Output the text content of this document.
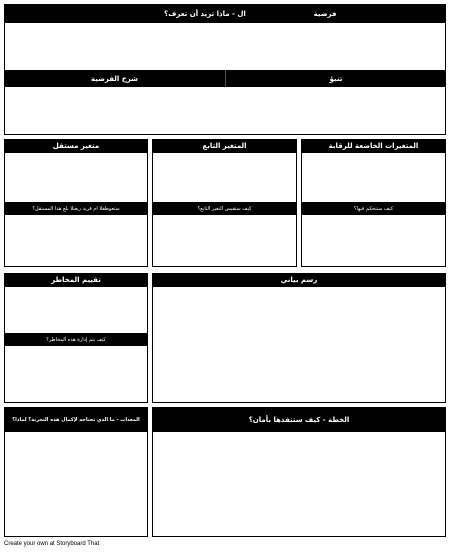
فرضية
ال - ماذا تريد أن تعرف؟
تنبؤ
شرح الفرضية
متغير مستقل
ستعوطقلا ام قريد ريغتلا ىلع هذا المستقل؟
المتغير التابع
كيف ستقيس التغير التابع؟
المتغيرات الخاضعة للرقابة
كيف ستتحكم فيها؟
تقييم المخاطر
كيف يتم إدارة هذه المخاطر؟
رسم بياني
المعدات - ما الذي تحتاجه لإكمال هذه التجربة؟ لماذا؟	الخطة - كيف ستنفذها بأمان؟
Create your own at Storyboard That
